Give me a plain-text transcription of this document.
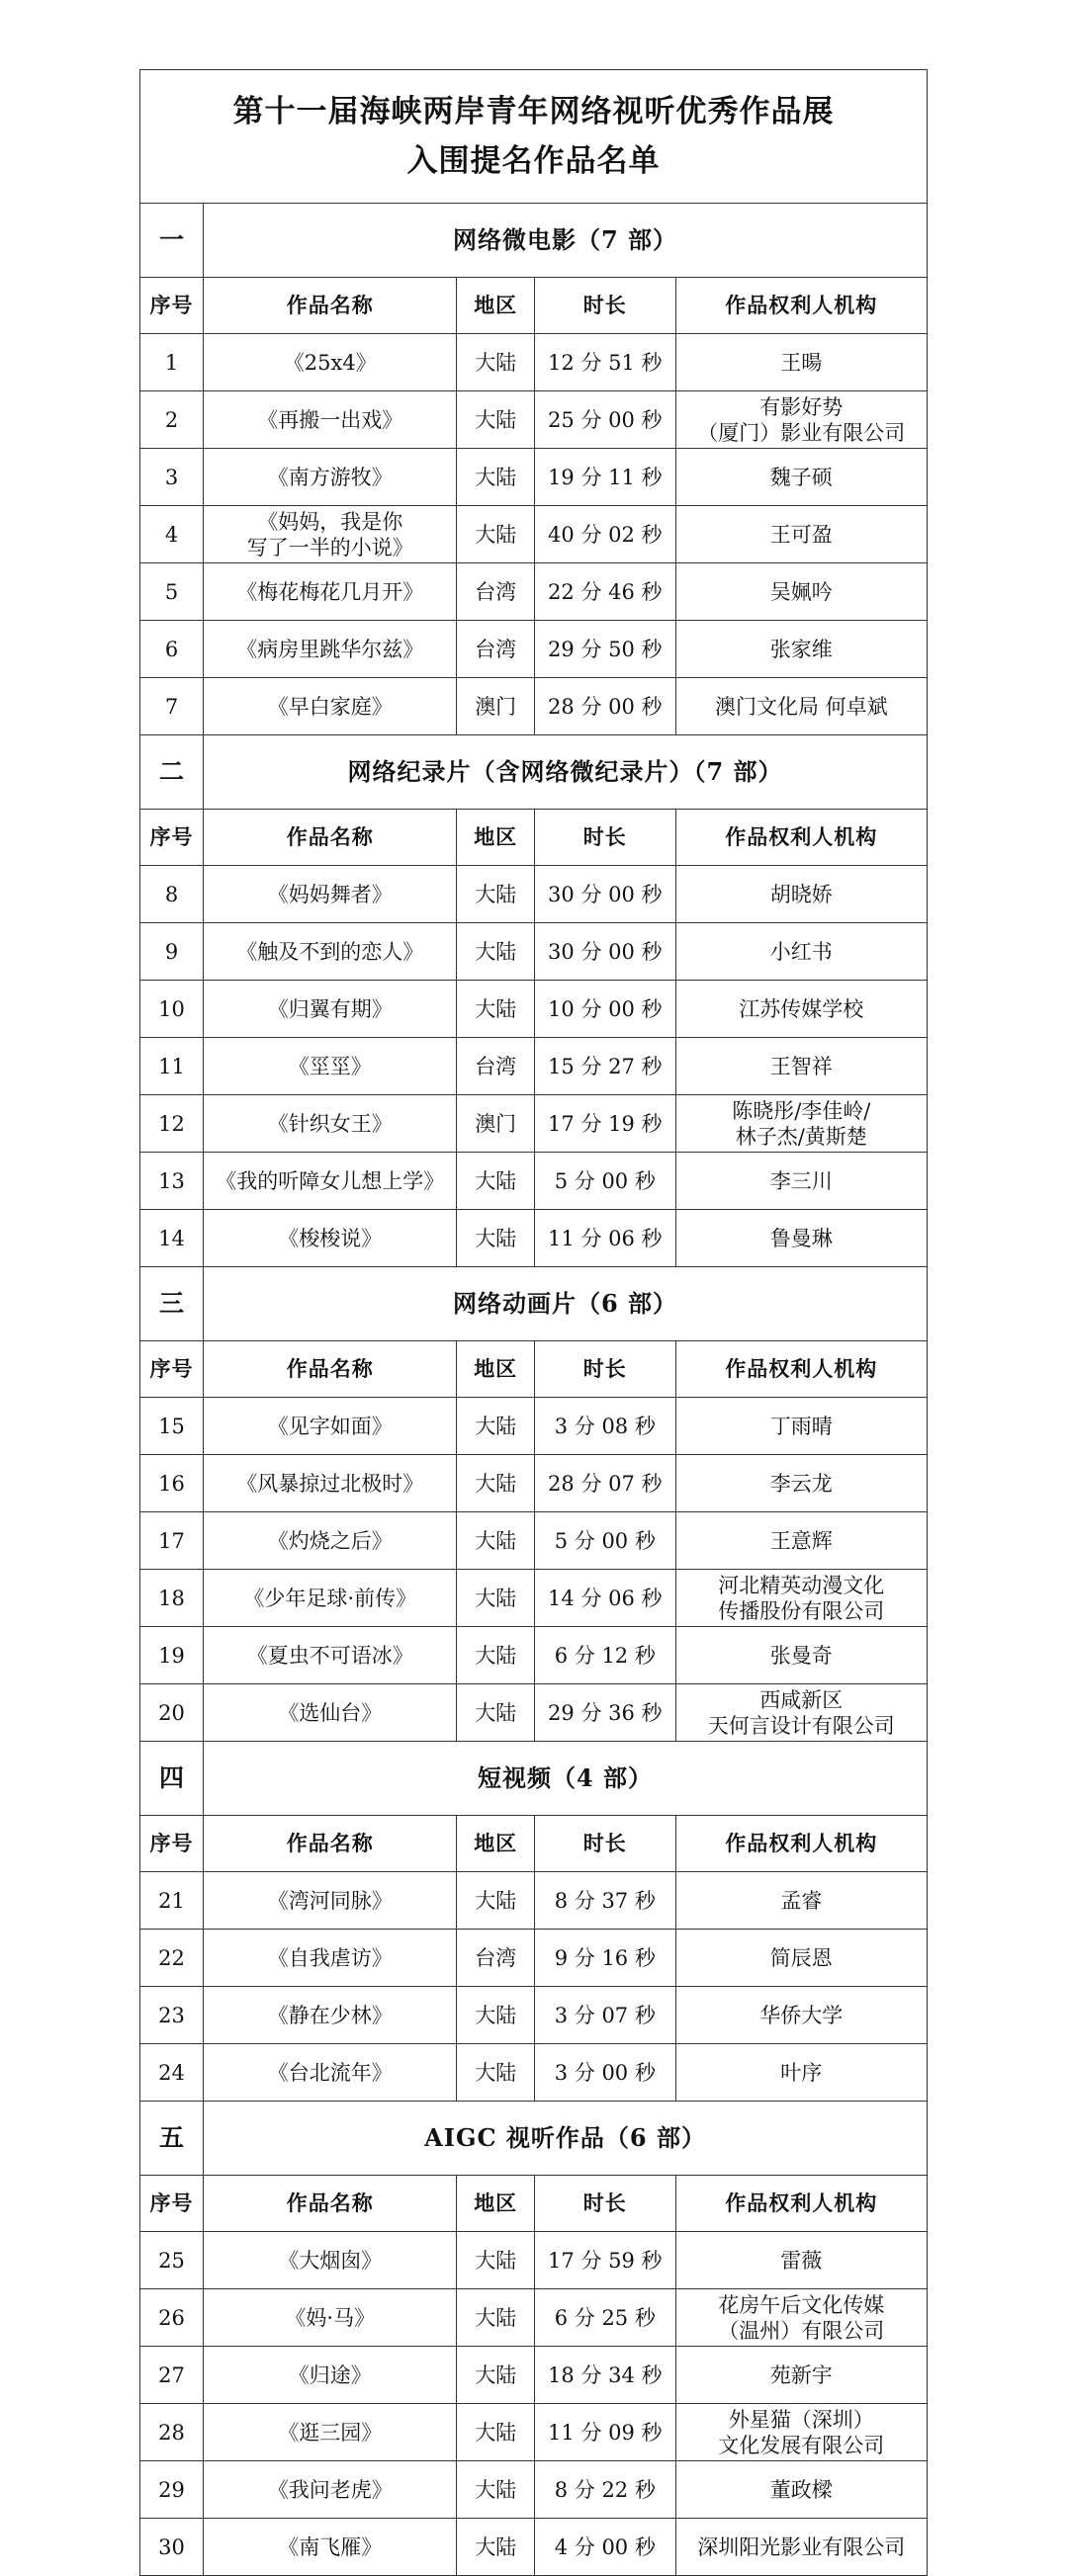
第十一届海峡两岸青年网络视听优秀作品展
入围提名作品名单				

一	网络微电影（7 部）			
序号	作品名称	地区	时长	作品权利人机构
1	《25x4》	大陆	12 分 51 秒	王暘

2	《再搬一出戏》	大陆	25 分 00 秒	有影好势
（厦门）影业有限公司

3	《南方游牧》	大陆	19 分 11 秒	魏子硕

4	《妈妈，我是你
写了一半的小说》	大陆	40 分 02 秒	王可盈

5	《梅花梅花几月开》	台湾	22 分 46 秒	吴姵吟

6	《病房里跳华尔兹》	台湾	29 分 50 秒	张家维

7	《早白家庭》	澳门	28 分 00 秒	澳门文化局 何卓斌

二	网络纪录片（含网络微纪录片）（7 部）			
序号	作品名称	地区	时长	作品权利人机构
8	《妈妈舞者》	大陆	30 分 00 秒	胡晓娇

9	《触及不到的恋人》	大陆	30 分 00 秒	小红书

10	《归翼有期》	大陆	10 分 00 秒	江苏传媒学校

11	《坙坙》	台湾	15 分 27 秒	王智祥

12	《针织女王》	澳门	17 分 19 秒	陈晓彤/李佳岭/
林子杰/黄斯楚

13	《我的听障女儿想上学》	大陆	5 分 00 秒	李三川

14	《梭梭说》	大陆	11 分 06 秒	鲁曼琳

三	网络动画片（6 部）			
序号	作品名称	地区	时长	作品权利人机构
15	《见字如面》	大陆	3 分 08 秒	丁雨晴

16	《风暴掠过北极时》	大陆	28 分 07 秒	李云龙

17	《灼烧之后》	大陆	5 分 00 秒	王意辉

18	《少年足球·前传》	大陆	14 分 06 秒	河北精英动漫文化
传播股份有限公司

19	《夏虫不可语冰》	大陆	6 分 12 秒	张曼奇

20	《选仙台》	大陆	29 分 36 秒	西咸新区
天何言设计有限公司

四	短视频（4 部）			
序号	作品名称	地区	时长	作品权利人机构
21	《湾河同脉》	大陆	8 分 37 秒	孟睿

22	《自我虐访》	台湾	9 分 16 秒	简辰恩

23	《静在少林》	大陆	3 分 07 秒	华侨大学

24	《台北流年》	大陆	3 分 00 秒	叶序

五	AIGC 视听作品（6 部）			
序号	作品名称	地区	时长	作品权利人机构
25	《大烟囱》	大陆	17 分 59 秒	雷薇

26	《妈·马》	大陆	6 分 25 秒	花房午后文化传媒
（温州）有限公司

27	《归途》	大陆	18 分 34 秒	苑新宇

28	《逛三园》	大陆	11 分 09 秒	外星猫（深圳）
文化发展有限公司

29	《我问老虎》	大陆	8 分 22 秒	董政樑

30	《南飞雁》	大陆	4 分 00 秒	深圳阳光影业有限公司
